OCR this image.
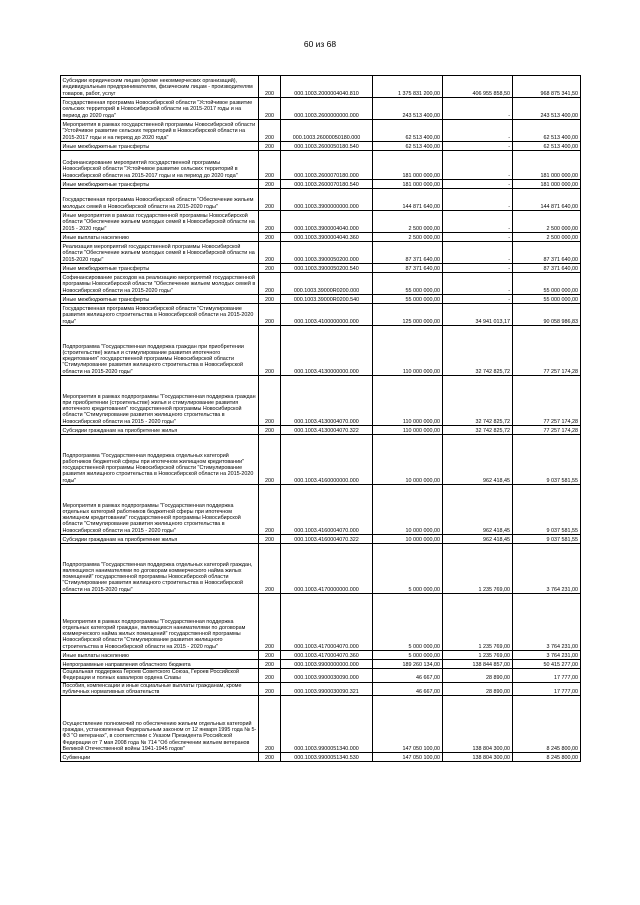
60 из 68
Субсидии юридическим лицам (кроме некоммерческих организаций), индивидуальным предпринимателям, физическим лицам - производителям товаров, работ, услуг	200	000.1003.2000004040.810	1 375 831 200,00	406 955 858,50	968 875 341,50
Государственная программа Новосибирской области "Устойчивое развитие сельских территорий в Новосибирской области на 2015-2017 годы и на период до 2020 года"	200	000.1003.2600000000.000	243 513 400,00	-	243 513 400,00
Мероприятия в рамках государственной программы Новосибирской области "Устойчивое развитие сельских территорий в Новосибирской области на 2015-2017 годы и на период до 2020 года"	200	000.1003.26000050180.000	62 513 400,00	-	62 513 400,00
Иные межбюджетные трансферты	200	000.1003.2600050180.540	62 513 400,00	-	62 513 400,00
Софинансирование мероприятий государственной программы Новосибирской области "Устойчивое развитие сельских территорий в Новосибирской области на 2015-2017 годы и на период до 2020 года"	200	000.1003.2600070180.000	181 000 000,00	-	181 000 000,00
Иные межбюджетные трансферты	200	000.1003.2600070180.540	181 000 000,00	-	181 000 000,00
Государственная программа Новосибирской области "Обеспечение жильем молодых семей в Новосибирской области на 2015-2020 годы"	200	000.1003.3900000000.000	144 871 640,00	-	144 871 640,00
Иные мероприятия в рамках государственной программы Новосибирской области "Обеспечение жильем молодых семей в Новосибирской области на 2015 - 2020 годы"	200	000.1003.3900004040.000	2 500 000,00	-	2 500 000,00
Иные выплаты населению	200	000.1003.3900004040.360	2 500 000,00	-	2 500 000,00
Реализация мероприятий государственной программы Новосибирской области "Обеспечение жильем молодых семей в Новосибирской области на 2015-2020 годы"	200	000.1003.3900050200.000	87 371 640,00	-	87 371 640,00
Иные межбюджетные трансферты	200	000.1003.3900050200.540	87 371 640,00	-	87 371 640,00
Софинансирование расходов на реализацию мероприятий государственной программы Новосибирской области "Обеспечение жильем молодых семей в Новосибирской области на 2015-2020 годы"	200	000.1003.39000R0200.000	55 000 000,00	-	55 000 000,00
Иные межбюджетные трансферты	200	000.1003.39000R0200.540	55 000 000,00	-	55 000 000,00
Государственная программа Новосибирской области "Стимулирование развития жилищного строительства в Новосибирской области на 2015-2020 годы"	200	000.1003.4100000000.000	125 000 000,00	34 941 013,17	90 058 986,83
Подпрограмма "Государственная поддержка граждан при приобретении (строительстве) жилья и стимулирование развития ипотечного кредитования" государственной программы Новосибирской области "Стимулирование развития жилищного строительства в Новосибирской области на 2015-2020 годы"	200	000.1003.4130000000.000	110 000 000,00	32 742 825,72	77 257 174,28
Мероприятия в рамках подпрограммы "Государственная поддержка граждан при приобретении (строительстве) жилья и стимулирование развития ипотечного кредитования" государственной программы Новосибирской области "Стимулирование развития жилищного строительства в Новосибирской области на 2015 - 2020 годы"	200	000.1003.4130004070.000	110 000 000,00	32 742 825,72	77 257 174,28
Субсидии гражданам на приобретение жилья	200	000.1003.4130004070.322	110 000 000,00	32 742 825,72	77 257 174,28
Подпрограмма "Государственная поддержка отдельных категорий работников бюджетной сферы при ипотечном жилищном кредитовании" государственной программы Новосибирской области "Стимулирование развития жилищного строительства в Новосибирской области на 2015-2020 годы"	200	000.1003.4160000000.000	10 000 000,00	962 418,45	9 037 581,55
Мероприятия в рамках подпрограммы "Государственная поддержка отдельных категорий работников бюджетной сферы при ипотечном жилищном кредитовании" государственной программы Новосибирской области "Стимулирование развития жилищного строительства в Новосибирской области на 2015 - 2020 годы"	200	000.1003.4160004070.000	10 000 000,00	962 418,45	9 037 581,55
Субсидии гражданам на приобретение жилья	200	000.1003.4160004070.322	10 000 000,00	962 418,45	9 037 581,55
Подпрограмма "Государственная поддержка отдельных категорий граждан, являющихся нанимателями по договорам коммерческого найма жилых помещений" государственной программы Новосибирской области "Стимулирование развития жилищного строительства в Новосибирской области на 2015-2020 годы"	200	000.1003.4170000000.000	5 000 000,00	1 235 769,00	3 764 231,00
Мероприятия в рамках подпрограммы "Государственная поддержка отдельных категорий граждан, являющихся нанимателями по договорам коммерческого найма жилых помещений" государственной программы Новосибирской области "Стимулирование развития жилищного строительства в Новосибирской области на 2015 - 2020 годы"	200	000.1003.4170004070.000	5 000 000,00	1 235 769,00	3 764 231,00
Иные выплаты населению	200	000.1003.4170004070.360	5 000 000,00	1 235 769,00	3 764 231,00
Непрограммные направления областного бюджета	200	000.1003.9900000000.000	189 260 134,00	138 844 857,00	50 415 277,00
Социальная поддержка Героев Советского Союза, Героев Российской Федерации и полных кавалеров ордена Славы	200	000.1003.9900030090.000	46 667,00	28 890,00	17 777,00
Пособия, компенсации и иные социальные выплаты гражданам, кроме публичных нормативных обязательств	200	000.1003.9900030090.321	46 667,00	28 890,00	17 777,00
Осуществление полномочий по обеспечению жильем отдельных категорий граждан, установленных Федеральным законом от 12 января 1995 года № 5-ФЗ "О ветеранах", в соответствии с Указом Президента Российской Федерации от 7 мая 2008 года № 714 "Об обеспечении жильем ветеранов Великой Отечественной войны 1941-1945 годов"	200	000.1003.9900051340.000	147 050 100,00	138 804 300,00	8 245 800,00
Субвенции	200	000.1003.9900051340.530	147 050 100,00	138 804 300,00	8 245 800,00
